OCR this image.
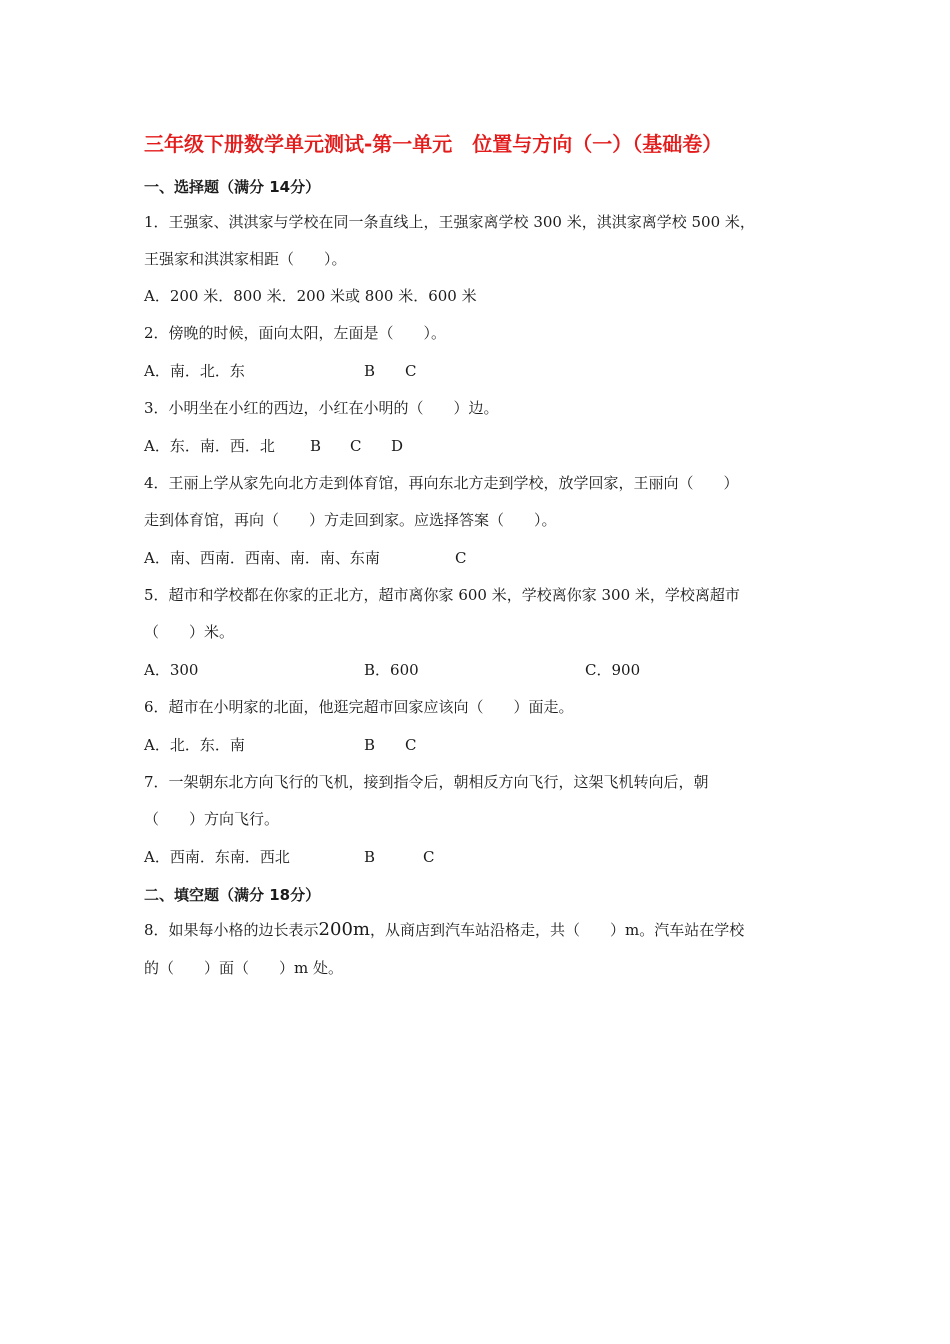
三年级下册数学单元测试-第一单元　位置与方向（一）（基础卷）
一、选择题（满分 14分）
1．王强家、淇淇家与学校在同一条直线上，王强家离学校 300 米，淇淇家离学校 500 米，
王强家和淇淇家相距（　　）。
A．200 米．800 米．200 米或 800 米．600 米
2．傍晚的时候，面向太阳，左面是（　　）。
A．南．北．东	B C
3．小明坐在小红的西边，小红在小明的（　　）边。
A．东．南．西．北 B C D
4．王丽上学从家先向北方走到体育馆，再向东北方走到学校，放学回家，王丽向（　　）
走到体育馆，再向（　　）方走回到家。应选择答案（　　）。
A．南、西南．西南、南．南、东南	C
5．超市和学校都在你家的正北方，超市离你家 600 米，学校离你家 300 米，学校离超市
（　　）米。
A．300	B．600	C．900
6．超市在小明家的北面，他逛完超市回家应该向（　　）面走。
A．北．东．南	B C
7．一架朝东北方向飞行的飞机，接到指令后，朝相反方向飞行，这架飞机转向后，朝
（　　）方向飞行。
A．西南．东南．西北	B	C
二、填空题（满分 18分）
8．如果每小格的边长表示200m，从商店到汽车站沿格走，共（　　）m。汽车站在学校
的（　　）面（　　）m 处。
